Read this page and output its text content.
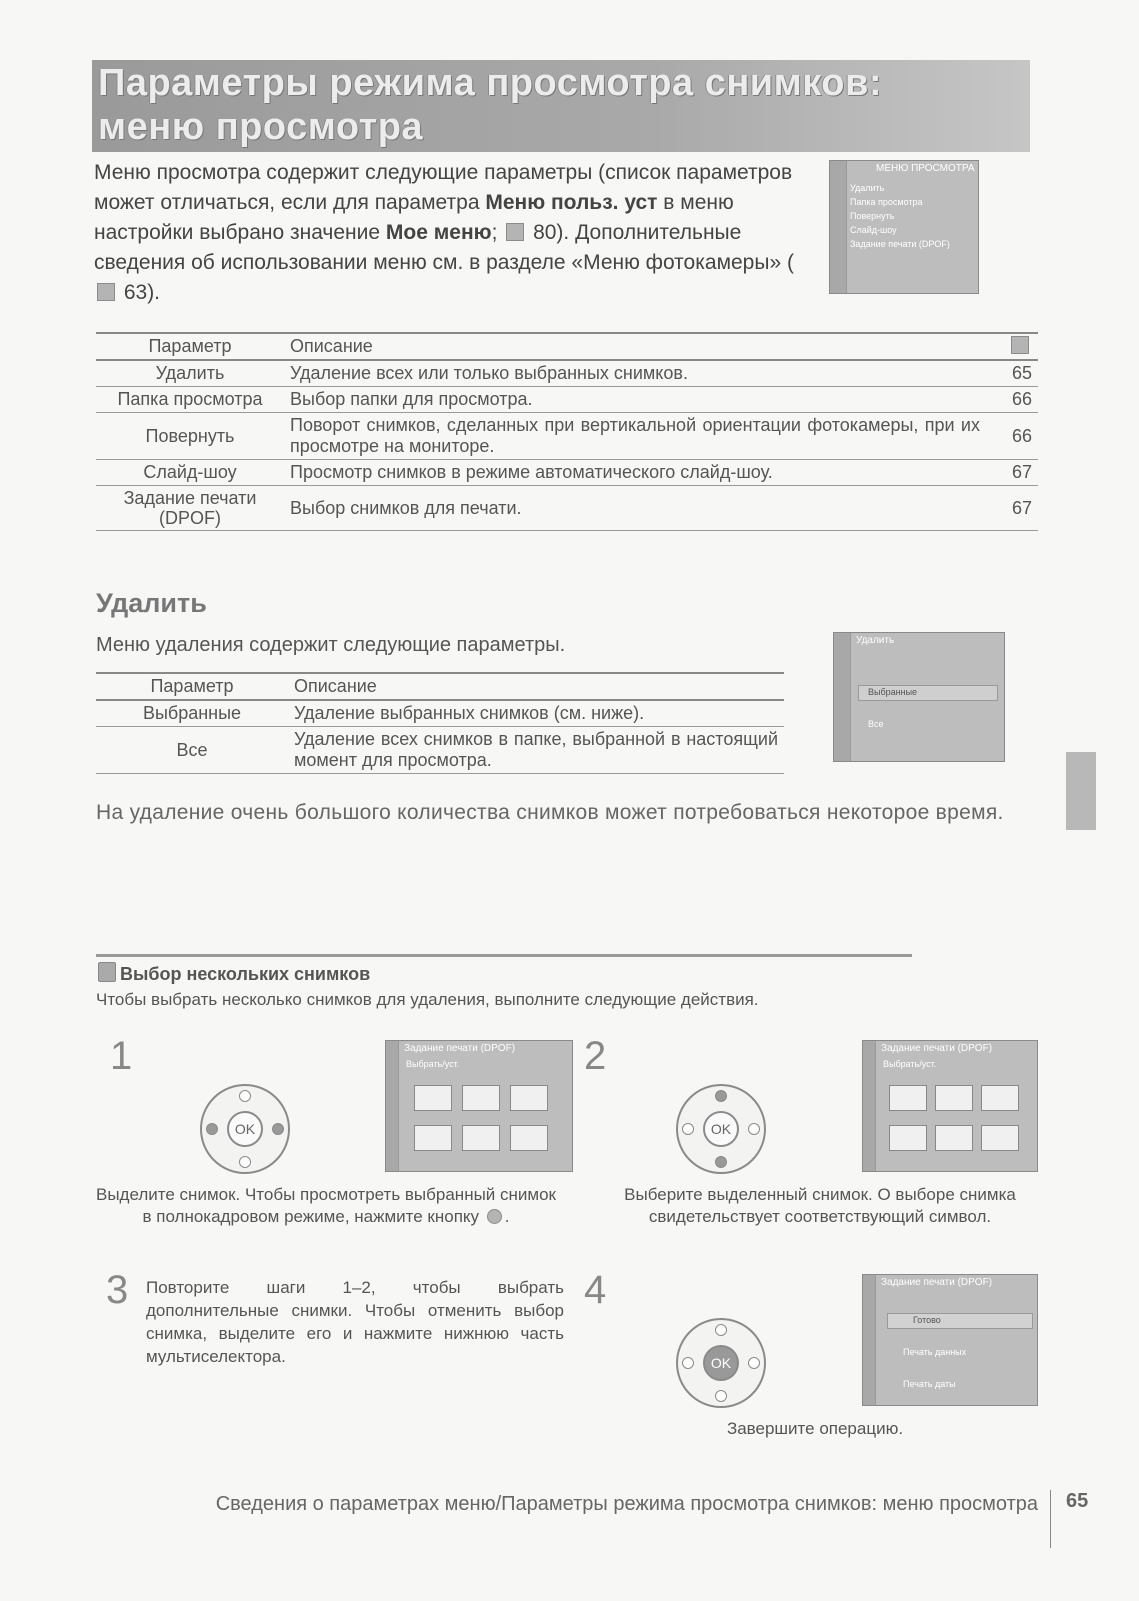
Параметры режима просмотра снимков:
меню просмотра
Меню просмотра содержит следующие параметры (список параметров может отличаться, если для параметра Меню польз. уст в меню настройки выбрано значение Мое меню;  80). Дополнительные сведения об использовании меню см. в разделе «Меню фотокамеры» ( 63).
МЕНЮ ПРОСМОТРА
Удалить
Папка просмотра
Повернуть
Слайд-шоу
Задание печати (DPOF)
Параметр	Описание	
Удалить	Удаление всех или только выбранных снимков.	65
Папка просмотра	Выбор папки для просмотра.	66
Повернуть	Поворот снимков, сделанных при вертикальной ориентации фотокамеры, при их просмотре на мониторе.	66
Слайд-шоу	Просмотр снимков в режиме автоматического слайд-шоу.	67
Задание печати (DPOF)	Выбор снимков для печати.	67
Удалить
Меню удаления содержит следующие параметры.
Параметр	Описание
Выбранные	Удаление выбранных снимков (см. ниже).
Все	Удаление всех снимков в папке, выбранной в настоящий момент для просмотра.
Удалить
Выбранные
Все
На удаление очень большого количества снимков может потребоваться некоторое время.
Выбор нескольких снимков
Чтобы выбрать несколько снимков для удаления, выполните следующие действия.
1
OK
Задание печати (DPOF)
Выбрать/уст.
Выделите снимок. Чтобы просмотреть выбранный снимок в полнокадровом режиме, нажмите кнопку .
2
OK
Задание печати (DPOF)
Выбрать/уст.
Выберите выделенный снимок. О выборе снимка свидетельствует соответствующий символ.
3 Повторите шаги 1–2, чтобы выбрать дополнительные снимки. Чтобы отменить выбор снимка, выделите его и нажмите нижнюю часть мультиселектора.
4
OK
Задание печати (DPOF)
Готово
Печать данных
Печать даты
Завершите операцию.
Сведения о параметрах меню/Параметры режима просмотра снимков: меню просмотра 65
